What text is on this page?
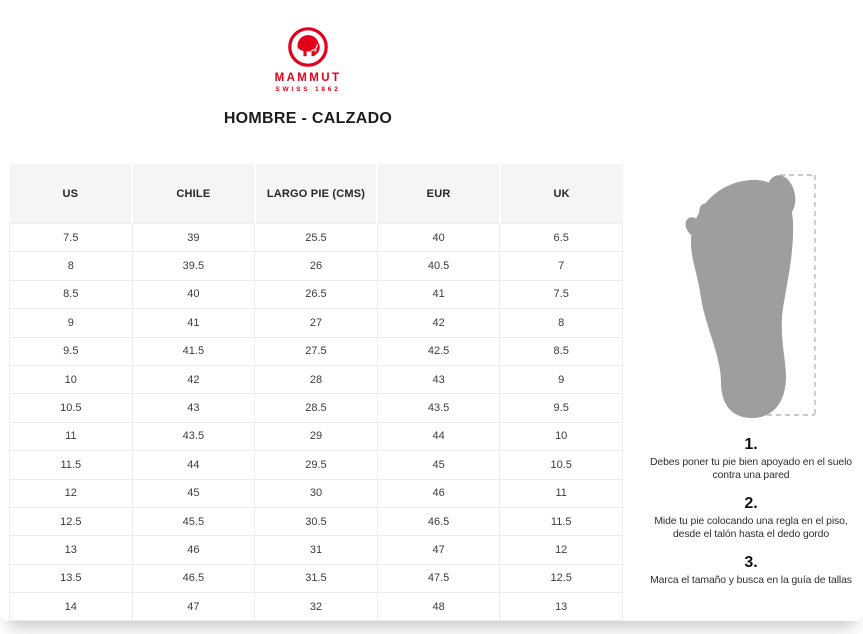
MAMMUT
SWISS 1862
HOMBRE - CALZADO
US	CHILE	LARGO PIE (CMS)	EUR	UK
7.5	39	25.5	40	6.5
8	39.5	26	40.5	7
8.5	40	26.5	41	7.5
9	41	27	42	8
9.5	41.5	27.5	42.5	8.5
10	42	28	43	9
10.5	43	28.5	43.5	9.5
11	43.5	29	44	10
11.5	44	29.5	45	10.5
12	45	30	46	11
12.5	45.5	30.5	46.5	11.5
13	46	31	47	12
13.5	46.5	31.5	47.5	12.5
14	47	32	48	13
1.
Debes poner tu pie bien apoyado en el suelo contra una pared
2.
Mide tu pie colocando una regla en el piso, desde el talón hasta el dedo gordo
3.
Marca el tamaño y busca en la guía de tallas
